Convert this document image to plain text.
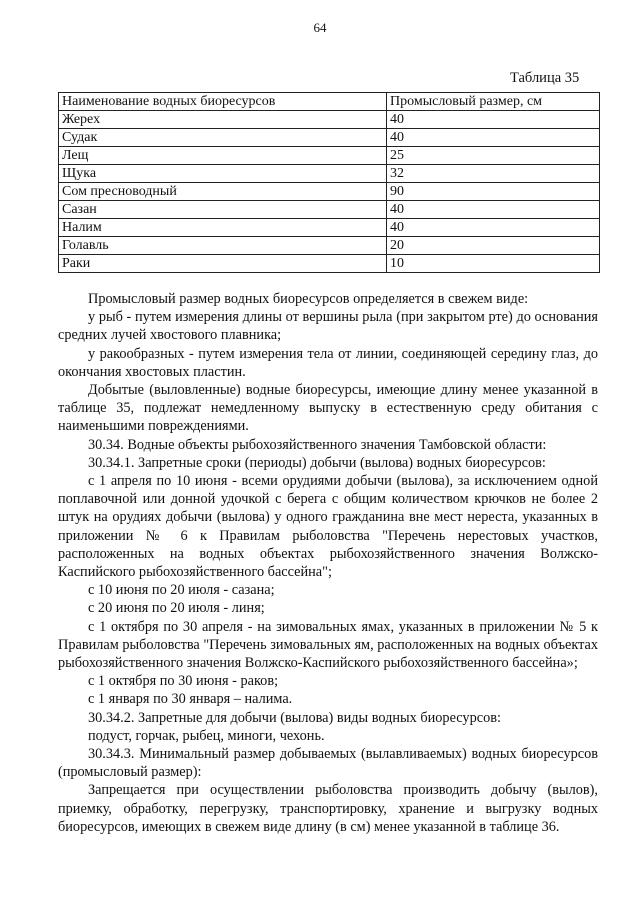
64
Таблица 35
Наименование водных биоресурсов	Промысловый размер, см
Жерех	40
Судак	40
Лещ	25
Щука	32
Сом пресноводный	90
Сазан	40
Налим	40
Голавль	20
Раки	10

Промысловый размер водных биоресурсов определяется в свежем виде:

у рыб - путем измерения длины от вершины рыла (при закрытом рте) до основания средних лучей хвостового плавника;

у ракообразных - путем измерения тела от линии, соединяющей середину глаз, до окончания хвостовых пластин.

Добытые (выловленные) водные биоресурсы, имеющие длину менее указанной в таблице 35, подлежат немедленному выпуску в естественную среду обитания с наименьшими повреждениями.

30.34. Водные объекты рыбохозяйственного значения Тамбовской области:

30.34.1. Запретные сроки (периоды) добычи (вылова) водных биоресурсов:

с 1 апреля по 10 июня - всеми орудиями добычи (вылова), за исключением одной поплавочной или донной удочкой с берега с общим количеством крючков не более 2 штук на орудиях добычи (вылова) у одного гражданина вне мест нереста, указанных в приложении № 6 к Правилам рыболовства "Перечень нерестовых участков, расположенных на водных объектах рыбохозяйственного значения Волжско-Каспийского рыбохозяйственного бассейна";

с 10 июня по 20 июля - сазана;

с 20 июня по 20 июля - линя;

с 1 октября по 30 апреля - на зимовальных ямах, указанных в приложении № 5 к Правилам рыболовства "Перечень зимовальных ям, расположенных на водных объектах рыбохозяйственного значения Волжско-Каспийского рыбохозяйственного бассейна»;

с 1 октября по 30 июня - раков;

с 1 января по 30 января – налима.

30.34.2. Запретные для добычи (вылова) виды водных биоресурсов:

подуст, горчак, рыбец, миноги, чехонь.

30.34.3. Минимальный размер добываемых (вылавливаемых) водных биоресурсов (промысловый размер):

Запрещается при осуществлении рыболовства производить добычу (вылов), приемку, обработку, перегрузку, транспортировку, хранение и выгрузку водных биоресурсов, имеющих в свежем виде длину (в см) менее указанной в таблице 36.
